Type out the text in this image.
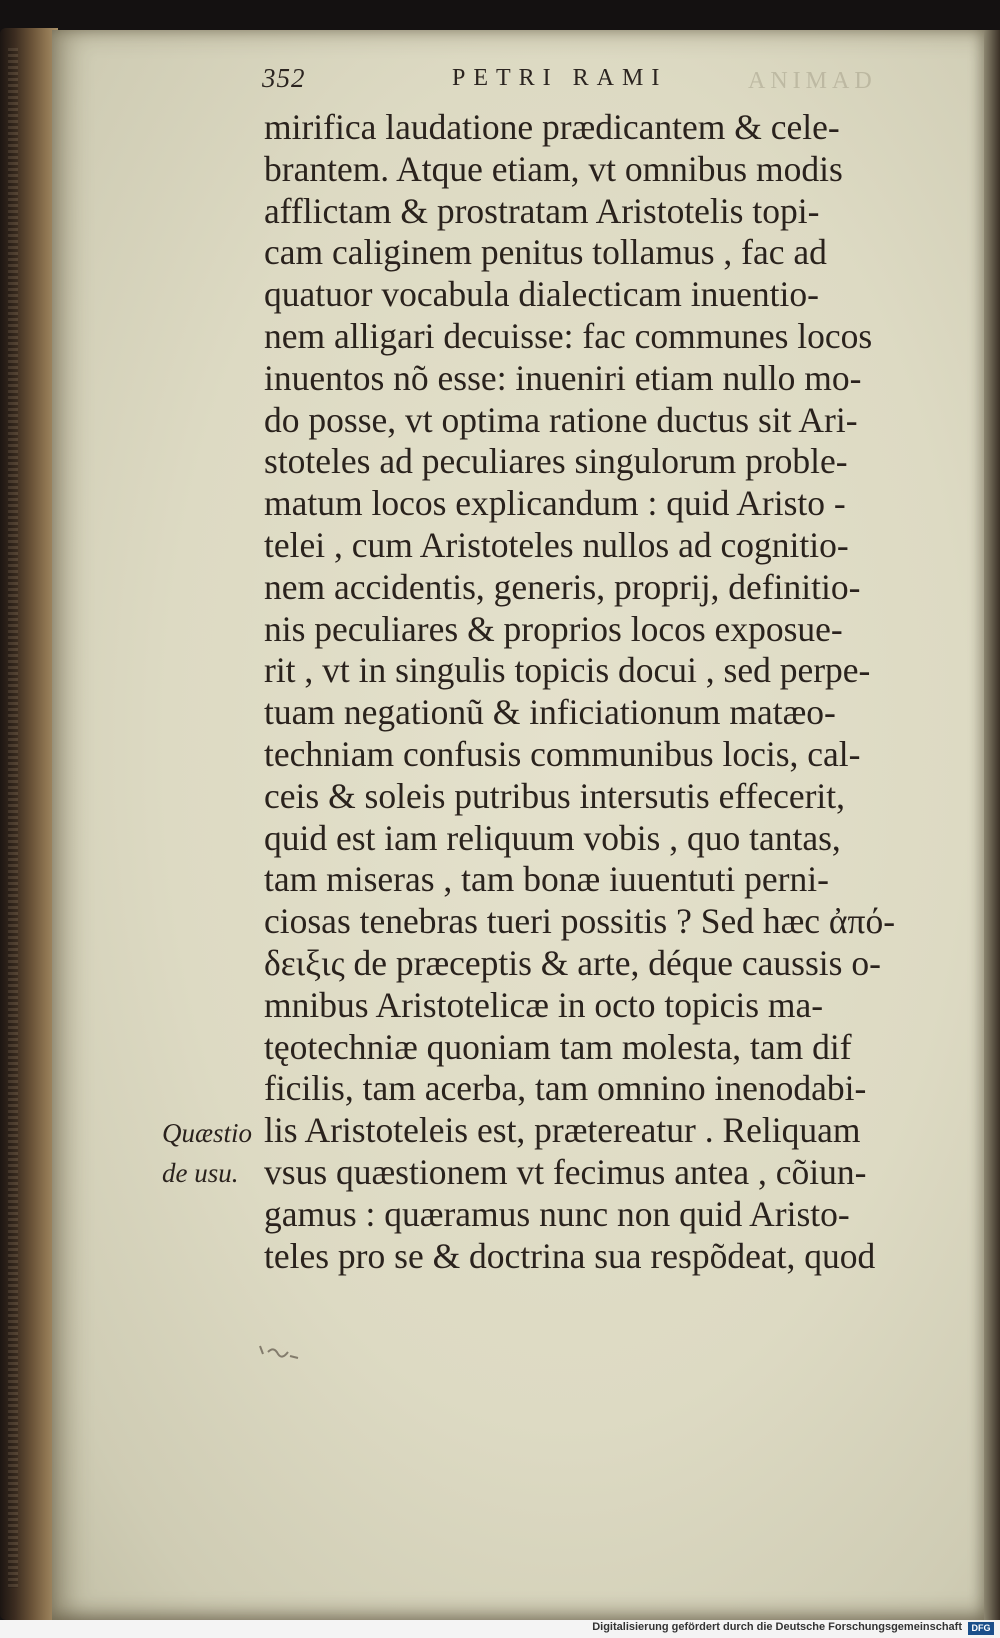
ANIMAD
352	PETRI RAMI
mirifica laudatione prædicantem & cele-
brantem. Atque etiam, vt omnibus modis
afflictam & prostratam Aristotelis topi-
cam caliginem penitus tollamus , fac ad
quatuor vocabula dialecticam inuentio-
nem alligari decuisse: fac communes locos
inuentos nõ esse: inueniri etiam nullo mo-
do posse, vt optima ratione ductus sit Ari-
stoteles ad peculiares singulorum proble-
matum locos explicandum : quid Aristo -
telei , cum Aristoteles nullos ad cognitio-
nem accidentis, generis, proprij, definitio-
nis peculiares & proprios locos exposue-
rit , vt in singulis topicis docui , sed perpe-
tuam negationũ & inficiationum matæo-
techniam confusis communibus locis, cal-
ceis & soleis putribus intersutis effecerit,
quid est iam reliquum vobis , quo tantas,
tam miseras , tam bonæ iuuentuti perni-
ciosas tenebras tueri possitis ? Sed hæc ἀπό-
δειξις de præceptis & arte, déque caussis o-
mnibus Aristotelicæ in octo topicis ma-
tęotechniæ quoniam tam molesta, tam dif
ficilis, tam acerba, tam omnino inenodabi-
lis Aristoteleis est, prætereatur . Reliquam
vsus quæstionem vt fecimus antea , cõiun-
gamus : quæramus nunc non quid Aristo-
teles pro se & doctrina sua respõdeat, quod
Quæstio
de usu.
Digitalisierung gefördert durch die Deutsche Forschungsgemeinschaft	DFG
